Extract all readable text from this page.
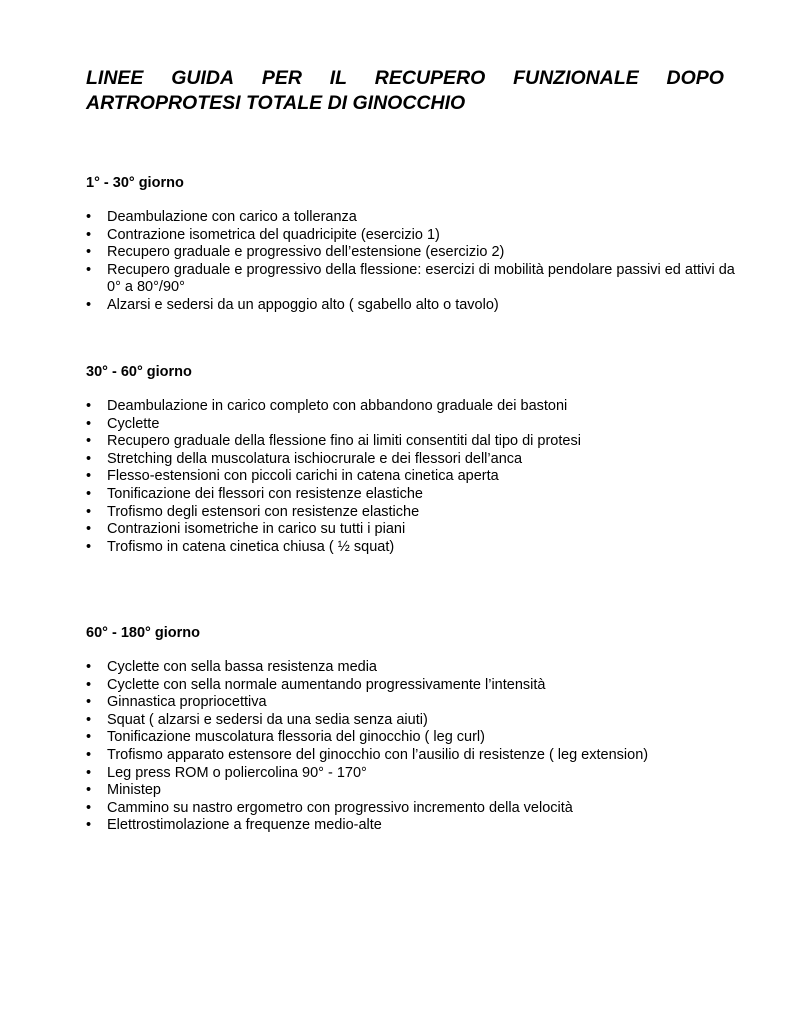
LINEE GUIDA PER IL RECUPERO FUNZIONALE DOPO
ARTROPROTESI TOTALE DI GINOCCHIO
1° - 30° giorno
• Deambulazione con carico a tolleranza
• Contrazione isometrica del quadricipite (esercizio 1)
• Recupero graduale e progressivo dell’estensione (esercizio 2)
• Recupero graduale e progressivo della flessione: esercizi di mobilità pendolare passivi ed attivi da 0° a 80°/90°
• Alzarsi e sedersi da un appoggio alto ( sgabello alto o tavolo)
30° - 60° giorno
• Deambulazione in carico completo con abbandono graduale dei bastoni
• Cyclette
• Recupero graduale della flessione fino ai limiti consentiti dal tipo di protesi
• Stretching della muscolatura ischiocrurale e dei flessori dell’anca
• Flesso-estensioni con piccoli carichi in catena cinetica aperta
• Tonificazione dei flessori con resistenze elastiche
• Trofismo degli estensori con resistenze elastiche
• Contrazioni isometriche in carico su tutti i piani
• Trofismo in catena cinetica chiusa ( ½ squat)
60° - 180° giorno
• Cyclette con sella bassa resistenza media
• Cyclette con sella normale aumentando progressivamente l’intensità
• Ginnastica propriocettiva
• Squat ( alzarsi e sedersi da una sedia senza aiuti)
• Tonificazione muscolatura flessoria del ginocchio ( leg curl)
• Trofismo apparato estensore del ginocchio con l’ausilio di resistenze ( leg extension)
• Leg press ROM o poliercolina 90° - 170°
• Ministep
• Cammino su nastro ergometro con progressivo incremento della velocità
• Elettrostimolazione a frequenze medio-alte
